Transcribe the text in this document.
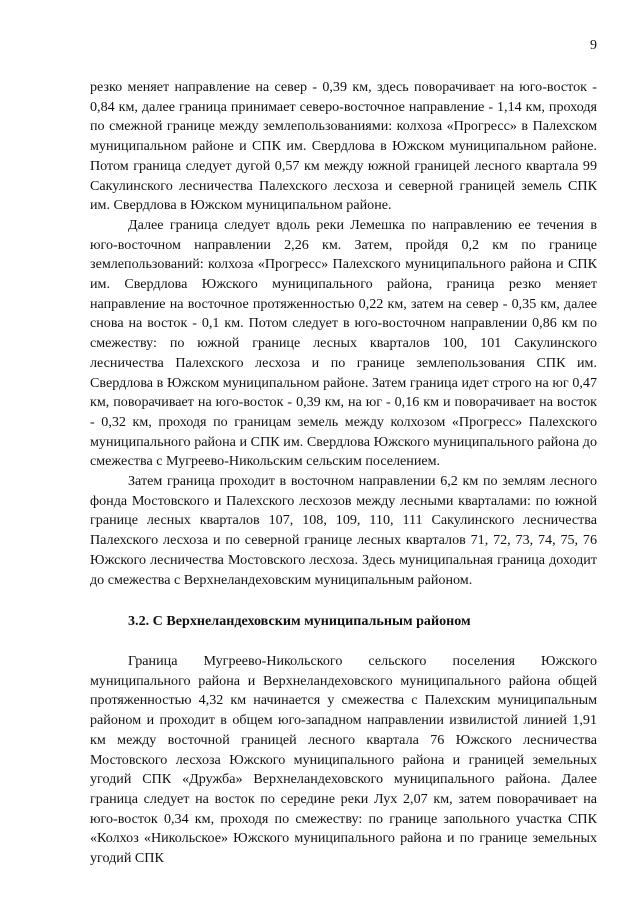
9

резко меняет направление на север - 0,39 км, здесь поворачивает на юго-восток - 0,84 км, далее граница принимает северо-восточное направление - 1,14 км, проходя по смежной границе между землепользованиями: колхоза «Прогресс» в Палехском муниципальном районе и СПК им. Свердлова в Южском муниципальном районе. Потом граница следует дугой 0,57 км между южной границей лесного квартала 99 Сакулинского лесничества Палехского лесхоза и северной границей земель СПК им. Свердлова в Южском муниципальном районе.

Далее граница следует вдоль реки Лемешка по направлению ее течения в юго-восточном направлении 2,26 км. Затем, пройдя 0,2 км по границе землепользований: колхоза «Прогресс» Палехского муниципального района и СПК им. Свердлова Южского муниципального района, граница резко меняет направление на восточное протяженностью 0,22 км, затем на север - 0,35 км, далее снова на восток - 0,1 км. Потом следует в юго-восточном направлении 0,86 км по смежеству: по южной границе лесных кварталов 100, 101 Сакулинского лесничества Палехского лесхоза и по границе землепользования СПК им. Свердлова в Южском муниципальном районе. Затем граница идет строго на юг 0,47 км, поворачивает на юго-восток - 0,39 км, на юг - 0,16 км и поворачивает на восток - 0,32 км, проходя по границам земель между колхозом «Прогресс» Палехского муниципального района и СПК им. Свердлова Южского муниципального района до смежества с Мугреево-Никольским сельским поселением.

Затем граница проходит в восточном направлении 6,2 км по землям лесного фонда Мостовского и Палехского лесхозов между лесными кварталами: по южной границе лесных кварталов 107, 108, 109, 110, 111 Сакулинского лесничества Палехского лесхоза и по северной границе лесных кварталов 71, 72, 73, 74, 75, 76 Южского лесничества Мостовского лесхоза. Здесь муниципальная граница доходит до смежества с Верхнеландеховским муниципальным районом.

3.2. С Верхнеландеховским муниципальным районом

Граница Мугреево-Никольского сельского поселения Южского муниципального района и Верхнеландеховского муниципального района общей протяженностью 4,32 км начинается у смежества с Палехским муниципальным районом и проходит в общем юго-западном направлении извилистой линией 1,91 км между восточной границей лесного квартала 76 Южского лесничества Мостовского лесхоза Южского муниципального района и границей земельных угодий СПК «Дружба» Верхнеландеховского муниципального района. Далее граница следует на восток по середине реки Лух 2,07 км, затем поворачивает на юго-восток 0,34 км, проходя по смежеству: по границе запольного участка СПК «Колхоз «Никольское» Южского муниципального района и по границе земельных угодий СПК
